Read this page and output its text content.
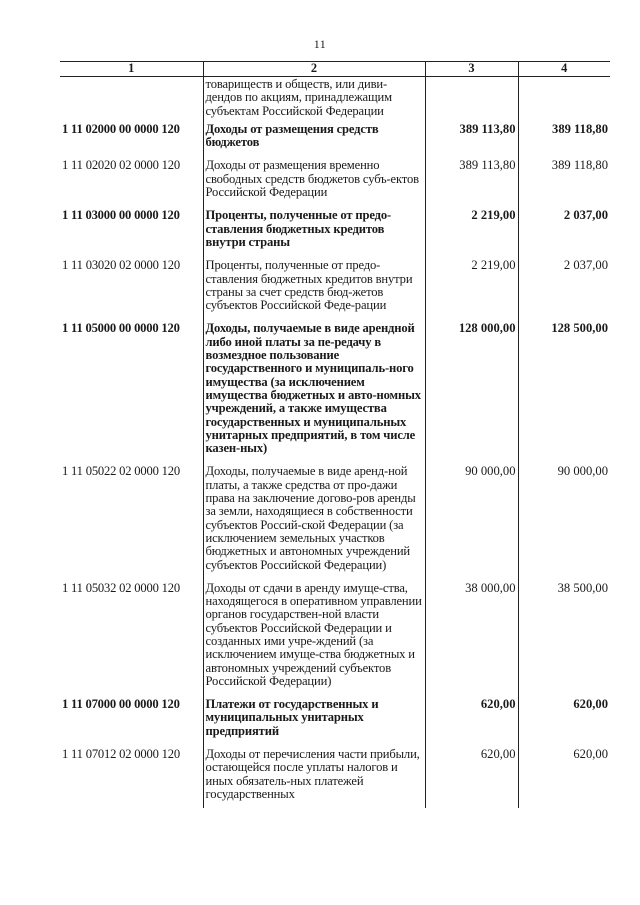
11
1	2	3	4
	товариществ и обществ, или диви-дендов по акциям, принадлежащим субъектам Российской Федерации		
1 11 02000 00 0000 120	Доходы от размещения средств бюджетов	389 113,80	389 118,80
1 11 02020 02 0000 120	Доходы от размещения временно свободных средств бюджетов субъ-ектов Российской Федерации	389 113,80	389 118,80
1 11 03000 00 0000 120	Проценты, полученные от предо-ставления бюджетных кредитов внутри страны	2 219,00	2 037,00
1 11 03020 02 0000 120	Проценты, полученные от предо-ставления бюджетных кредитов внутри страны за счет средств бюд-жетов субъектов Российской Феде-рации	2 219,00	2 037,00
1 11 05000 00 0000 120	Доходы, получаемые в виде арендной либо иной платы за пе-редачу в возмездное пользование государственного и муниципаль-ного имущества (за исключением имущества бюджетных и авто-номных учреждений, а также имущества государственных и муниципальных унитарных предприятий, в том числе казен-ных)	128 000,00	128 500,00
1 11 05022 02 0000 120	Доходы, получаемые в виде аренд-ной платы, а также средства от про-дажи права на заключение догово-ров аренды за земли, находящиеся в собственности субъектов Россий-ской Федерации (за исключением земельных участков бюджетных и автономных учреждений субъектов Российской Федерации)	90 000,00	90 000,00
1 11 05032 02 0000 120	Доходы от сдачи в аренду имуще-ства, находящегося в оперативном управлении органов государствен-ной власти субъектов Российской Федерации и созданных ими учре-ждений (за исключением имуще-ства бюджетных и автономных учреждений субъектов Российской Федерации)	38 000,00	38 500,00
1 11 07000 00 0000 120	Платежи от государственных и муниципальных унитарных предприятий	620,00	620,00
1 11 07012 02 0000 120	Доходы от перечисления части прибыли, остающейся после уплаты налогов и иных обязатель-ных платежей государственных	620,00	620,00
